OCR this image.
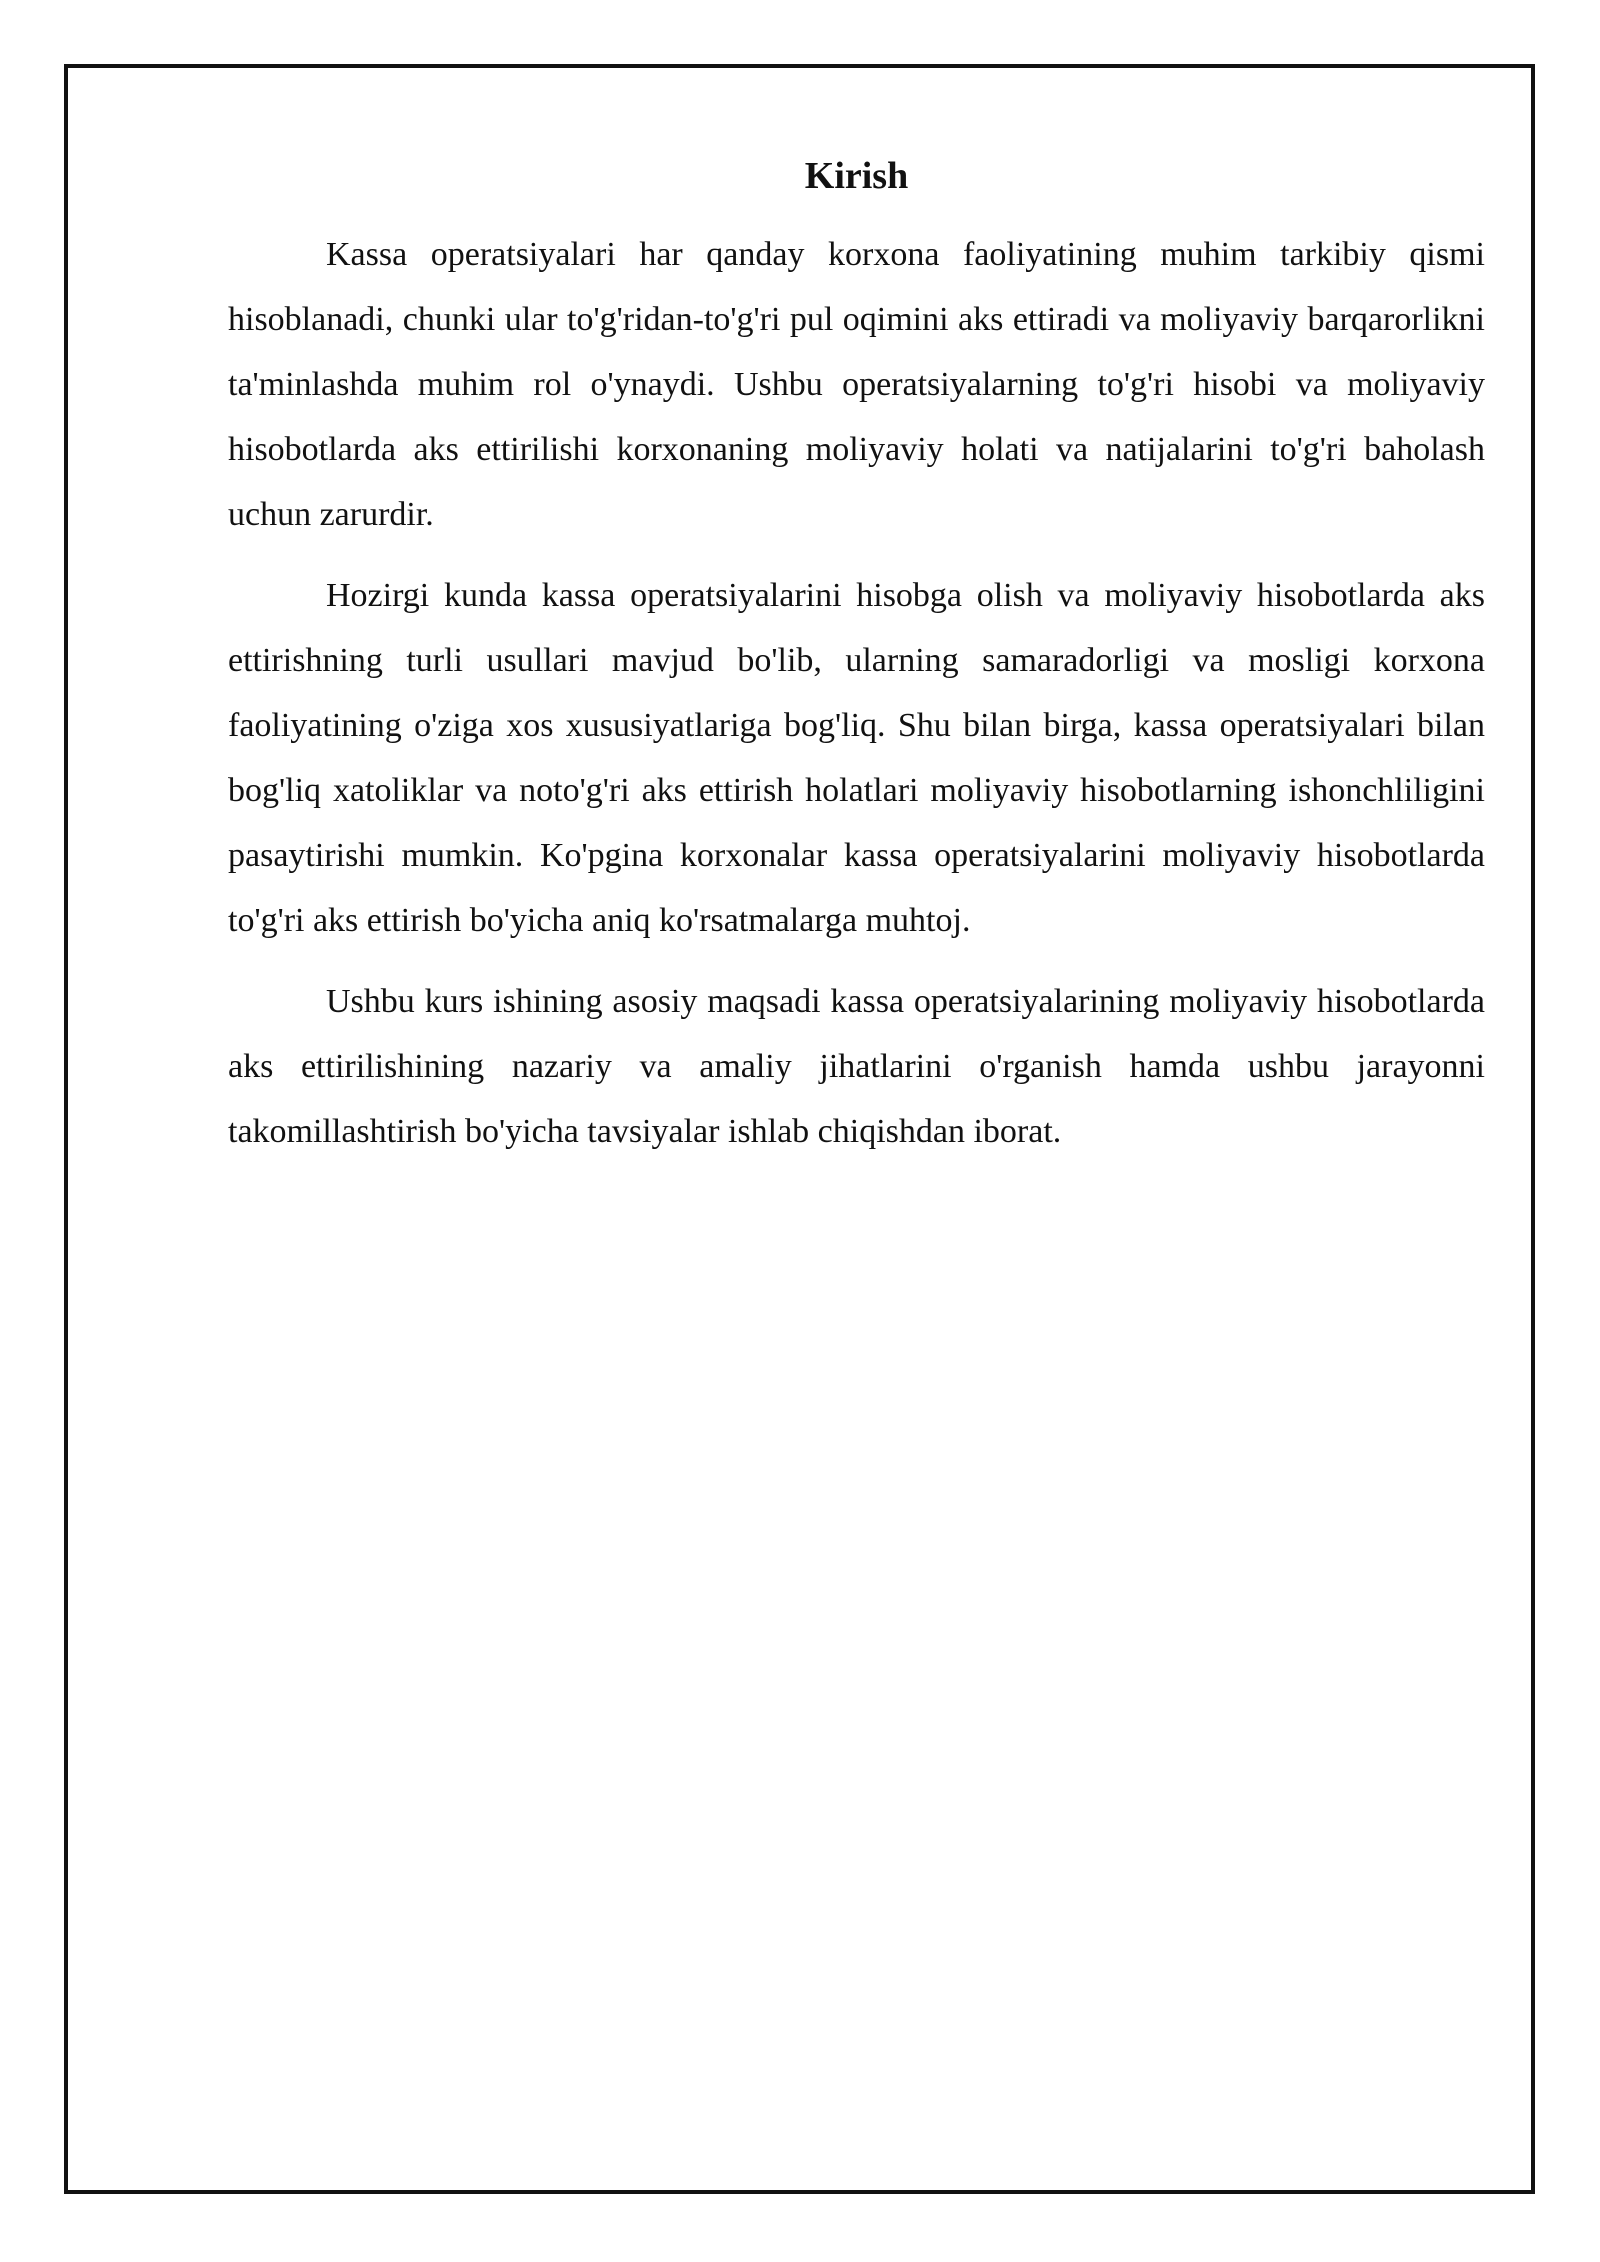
Kirish

Kassa operatsiyalari har qanday korxona faoliyatining muhim tarkibiy qismi hisoblanadi, chunki ular to'g'ridan-to'g'ri pul oqimini aks ettiradi va moliyaviy barqarorlikni ta'minlashda muhim rol o'ynaydi. Ushbu operatsiyalarning to'g'ri hisobi va moliyaviy hisobotlarda aks ettirilishi korxonaning moliyaviy holati va natijalarini to'g'ri baholash uchun zarurdir.

Hozirgi kunda kassa operatsiyalarini hisobga olish va moliyaviy hisobotlarda aks ettirishning turli usullari mavjud bo'lib, ularning samaradorligi va mosligi korxona faoliyatining o'ziga xos xususiyatlariga bog'liq. Shu bilan birga, kassa operatsiyalari bilan bog'liq xatoliklar va noto'g'ri aks ettirish holatlari moliyaviy hisobotlarning ishonchliligini pasaytirishi mumkin. Ko'pgina korxonalar kassa operatsiyalarini moliyaviy hisobotlarda to'g'ri aks ettirish bo'yicha aniq ko'rsatmalarga muhtoj.

Ushbu kurs ishining asosiy maqsadi kassa operatsiyalarining moliyaviy hisobotlarda aks ettirilishining nazariy va amaliy jihatlarini o'rganish hamda ushbu jarayonni takomillashtirish bo'yicha tavsiyalar ishlab chiqishdan iborat.
